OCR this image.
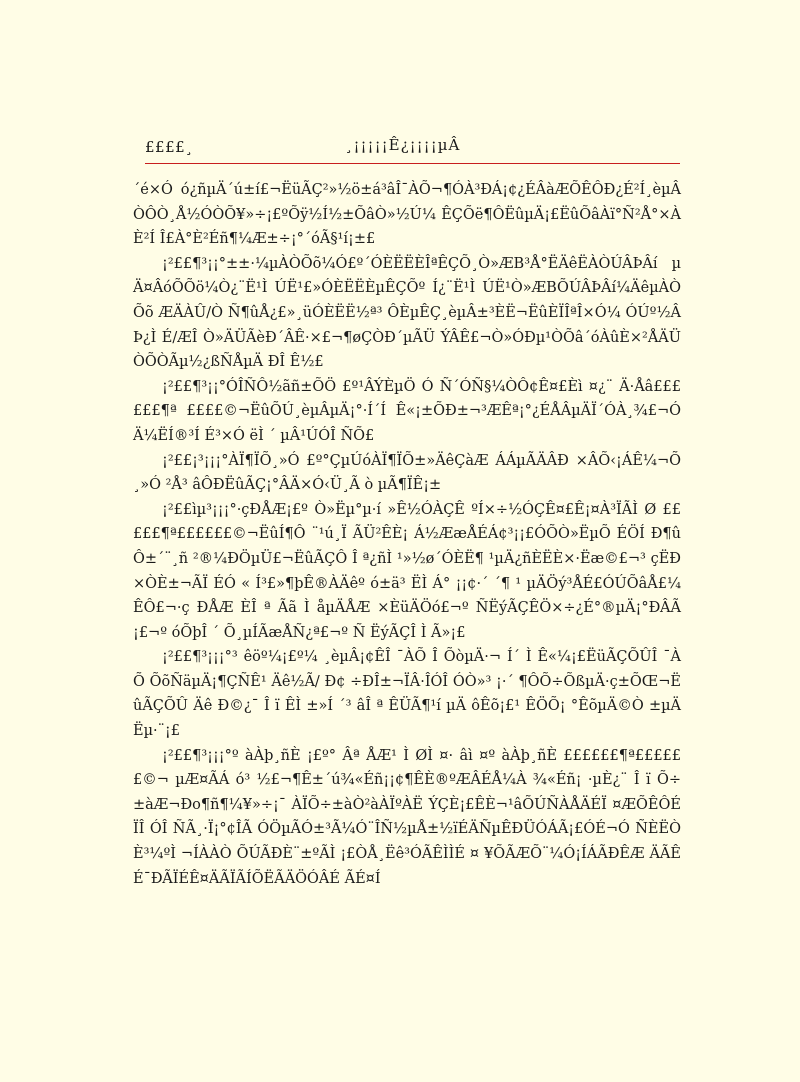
££££¸	¸¡¡¡¡¡Ê¿¡¡¡¡µÂ

´é×Ó ó¿ñµÄ´ú±í£¬ËüÃÇ²»½ö±á³âÎ¯ÀÕ¬¶ÓÀ³ÐÁ¡¢¿ÉÂàÆÕÊÔÐ¿É²Í¸èµÂ ÒÔÒ¸Å½ÓÒÕ¥»÷¡£ºÕÿ½Í½±ÕâÒ»½Ú¼ ÊÇÕë¶ÔËûµÄ¡£ËûÕâÀï°Ñ²Å°×ÀÈ²Í Î£À°È²Éñ¶¼Æ±÷¡°´óÃ§¹í¡±£

¡²££¶³¡¡°±±·¼µÀÒÕõ¼Ó£º´ÓÈËËÈÎªÊÇÕ¸Ò»ÆB³Å°ËÄêËÀÒÚÂÞÂí µÄ¤ÂóÕÕö¼Ò¿¨Ë¹Ì ÚË¹£»ÓÈËËÈµÊÇÕº Í¿¨Ë¹Ì ÚË¹Ò»ÆBÕÚÂÞÂí¼ÄêµÀÒÕõ ÆÄÀÛ/Ò Ñ¶ûÅ¿£»¸üÓÈËË½ª³ ÔÈµÊÇ¸èµÂ±³ÈË¬ËûÈÏÎªÎ×Ó¼ ÓÚº½ÂÞ¿Ì É/ÆÎ Ò»ÄÜÃèÐ´ÂÊ·×£¬¶øÇÒÐ´µÃÜ ÝÂÊ£¬Ò»ÓÐµ¹ÒÕâ´óÀûÈ×²ÅÄÜÒÕÒÃµ½¿ßÑÅµÄ ÐÎ Ê½£

¡²££¶³¡¡°ÓÎÑÔ½ãñ±ÕÖ £º¹ÂÝÈµÖ Ó Ñ´ÓÑ§¼ÒÔ¢Ê¤£Èì ¤¿¨ Ä·Åâ££££££¶ª ££££©¬ËûÕÚ¸èµÂµÄ¡°·Í´Í Ê«¡±ÕÐ±¬³ÆÊª¡°¿ÉÅÂµÄÏ´ÓÀ¸¾£¬ÓÄ¼ËÍ®³Í É³×Ó ëÌ ´ µÂ¹ÚÓÎ ÑÕ£

¡²££¡³¡¡¡°ÀÏ¶ÏÕ¸»Ó £º°ÇµÚóÀÏ¶ÏÕ±»ÄêÇàÆ ÁÁµÃÄÂÐ ×ÂÕ‹¡ÁÊ¼¬Õ¸»Ó ²Å³ âÔÐËûÃÇ¡°ÂÄ×Ó‹Ü¸Ã ò µÃ¶ÏÊ¡±

¡²££ìµ³¡¡¡°·çÐÅÆ¡£º Ò»Ëµ°µ·í »Ê½ÓÀÇÊ ºÍ×÷½ÓÇÊ¤£Ê¡¤À³ÏÃÌ Ø £££££¶ª££££££©¬ËûÍ¶Ô ¨¹ú¸Ï ÃÜ²ÊÈ¡ Á½ÆæÅÉÁ¢³¡¡£ÓÕÒ»ËµÕ ÉÖÍ Ð¶ûÔ±´¨¸ñ ²®¼ÐÖµÜ£¬ËûÃÇÔ Î ª¿ñÌ ¹»½ø´ÓÈË¶ ¹µÄ¿ñÈËÈ×·Ëæ©£¬³ çËÐ×ÒÈ±¬ÃÏ ÉÓ « Í³£»¶þÊ®ÀÄêº ó±ä³ ËÌ Á° ¡¡¢·´ ´¶ ¹ µÄÖý³ÅÉ£ÓÚÕâÅ£¼ÊÔ£¬·ç ÐÅÆ ÈÎ ª Ãã Ì åµÄÅÆ ×ÈüÄÖó£¬º ÑËýÃÇÊÖ×÷¿É°®µÄ¡°ÐÂÃ¡£¬º óÕþÎ ´ Õ¸µÍÃæÅÑ¿ª£¬º Ñ ËýÃÇÎ Ì Ã»¡£

¡²££¶³¡¡¡°³ êöº¼¡£º¼ ¸èµÂ¡¢ÊÎ ¯ÀÕ Î ÕòµÄ·¬ Í´ Ì Ê«¼¡£ËüÃÇÕÛÎ ¯ÀÕ ÕõÑäµÄ¡¶ÇÑÊ¹ Äê½Ã/ Ð¢ ÷ÐÎ±¬ÏÂ·ÎÓÎ ÓÒ»³ ¡·´ ¶ÔÕ÷ÕßµÄ·ç±ÕŒ¬ËûÃÇÕÛ Äê Ð©¿¯ Î ï ÊÌ ±»Í ´³ âÎ ª ÊÜÃ¶¹í µÄ ôÊõ¡£¹ ÊÖÕ¡ °ÊõµÄ©Ò ±µÄËµ·¨¡£

¡²££¶³¡¡¡°º àÀþ¸ñÈ ¡£º° Âª ÅÆ¹ Ì ØÌ ¤· âì ¤º àÀþ¸ñÈ ££££££¶ª££££££©¬ µÆ¤ÃÁ ó³ ½£¬¶Ê±´ú¾«Éñ¡¡¢¶ÊÈ®ºÆÂÉÅ¼À ¾«Éñ¡ ·µÈ¿¨ Î ï Õ÷±àÆ¬Ðo¶ñ¶¼¥»÷¡¯ ÀÏÕ÷±àÒ²àÀÏºÀË ÝÇÈ¡£ÊÈ¬¹âÕÚÑÀÅÄÉÏ ¤ÆÕÊÔÉÏÎ ÓÎ ÑÃ¸·Ï¡°¢ÎÃ ÓÖµÃÓ±³Ã¼Ó¨ÎÑ½µÅ±½ïÉÄÑµÊÐÜÓÁÃ¡£ÓÉ¬Ó ÑÈËÒÈ³¼ºÌ ¬ÍÀÀÒ ÕÚÃÐÈ¨±ºÃÌ ¡£ÒÅ¸Ëê³ÓÃÊÌÌÉ ¤ ¥ÕÃÆÕ¨¼Ó¡ÍÁÃÐÊÆ ÄÃÊÉ¯ÐÃÏÉÊ¤ÄÃÏÃÍÕËÃÄÖÓÂÉ ÃÉ¤Í
